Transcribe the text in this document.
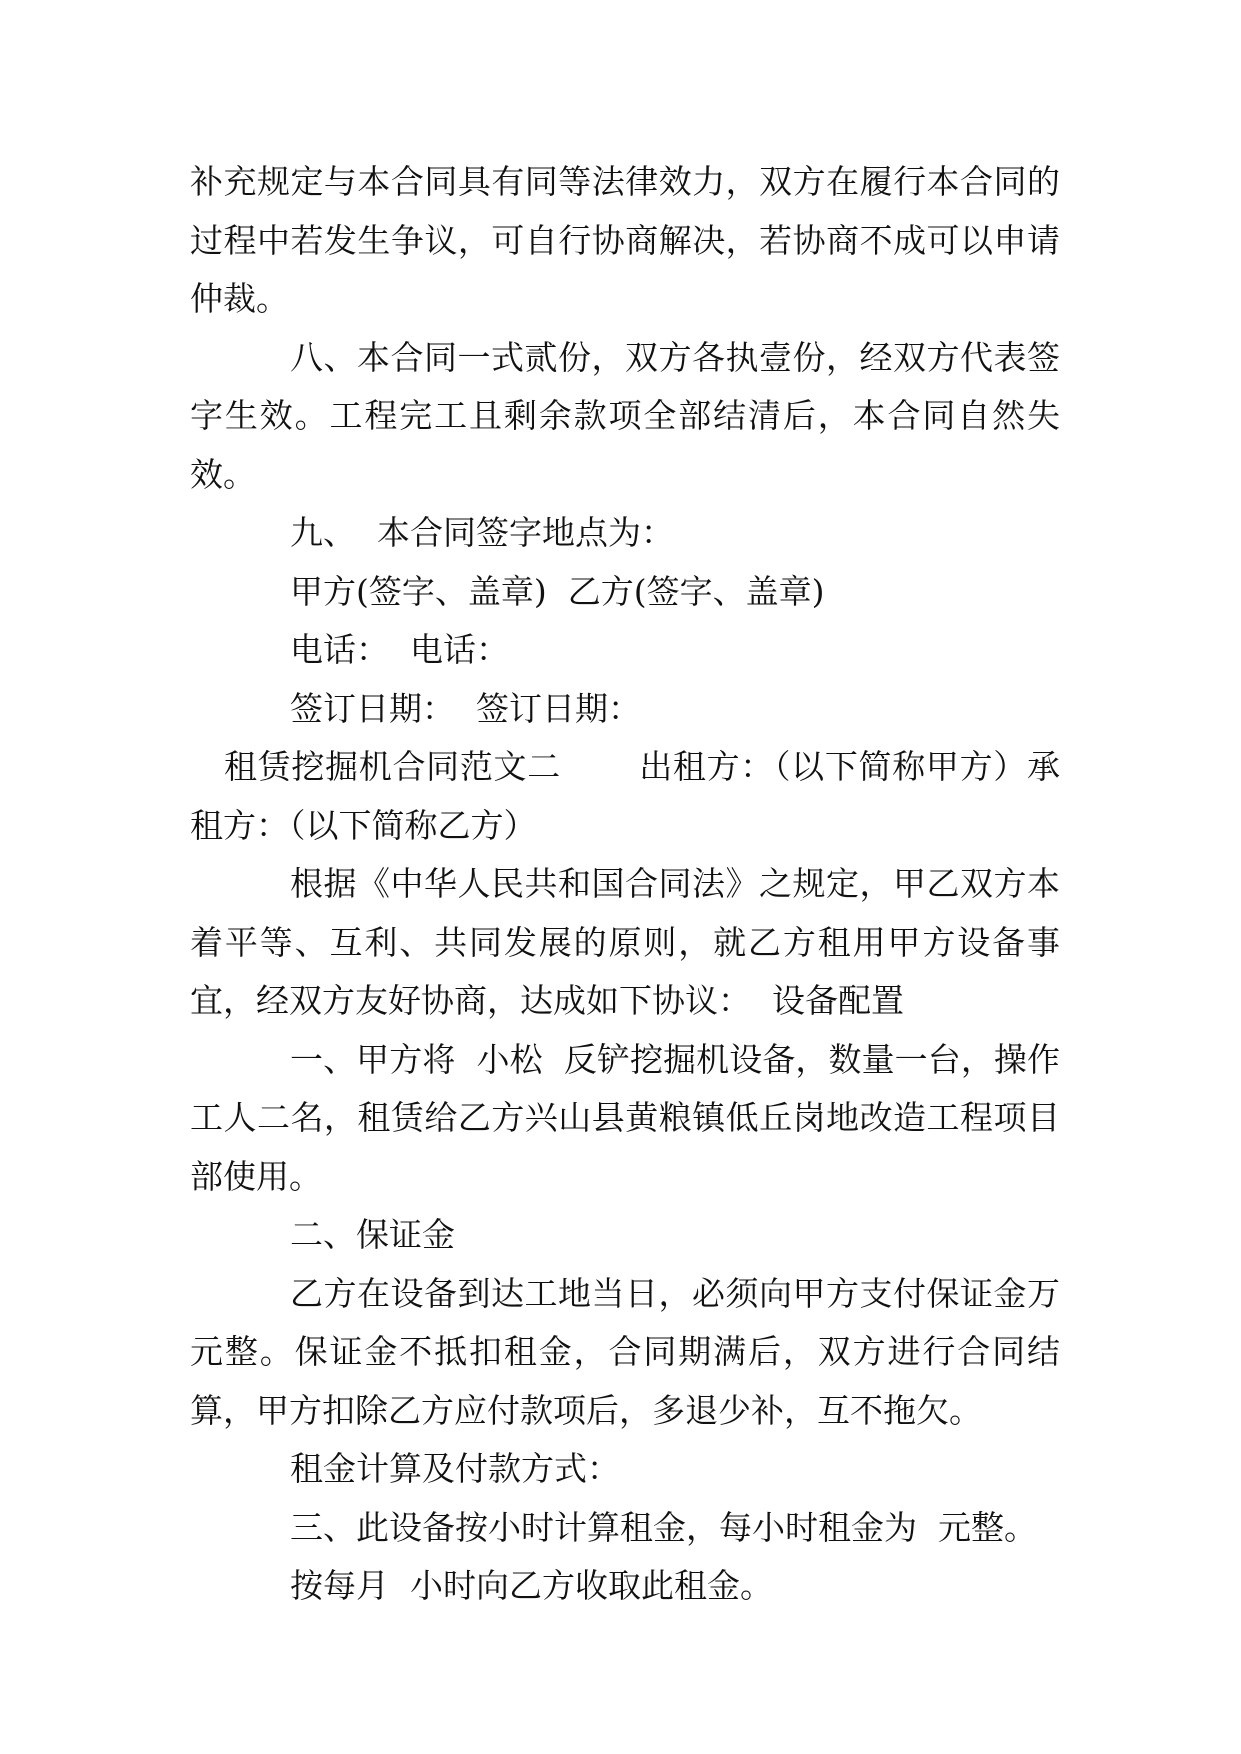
补充规定与本合同具有同等法律效力，双方在履行本合同的过程中若发生争议，可自行协商解决，若协商不成可以申请仲裁。

八、本合同一式贰份，双方各执壹份，经双方代表签字生效。工程完工且剩余款项全部结清后，本合同自然失效。

九、  本合同签字地点为：

甲方(签字、盖章)  乙方(签字、盖章)

电话：  电话：

签订日期：  签订日期：

租赁挖掘机合同范文二       出租方：（以下简称甲方）承租方：（以下简称乙方）

根据《中华人民共和国合同法》之规定，甲乙双方本着平等、互利、共同发展的原则，就乙方租用甲方设备事宜，经双方友好协商，达成如下协议：  设备配置

一、甲方将  小松  反铲挖掘机设备，数量一台，操作工人二名，租赁给乙方兴山县黄粮镇低丘岗地改造工程项目部使用。

二、保证金

乙方在设备到达工地当日，必须向甲方支付保证金万元整。保证金不抵扣租金，合同期满后，双方进行合同结算，甲方扣除乙方应付款项后，多退少补，互不拖欠。

租金计算及付款方式：

三、此设备按小时计算租金，每小时租金为  元整。

按每月  小时向乙方收取此租金。
